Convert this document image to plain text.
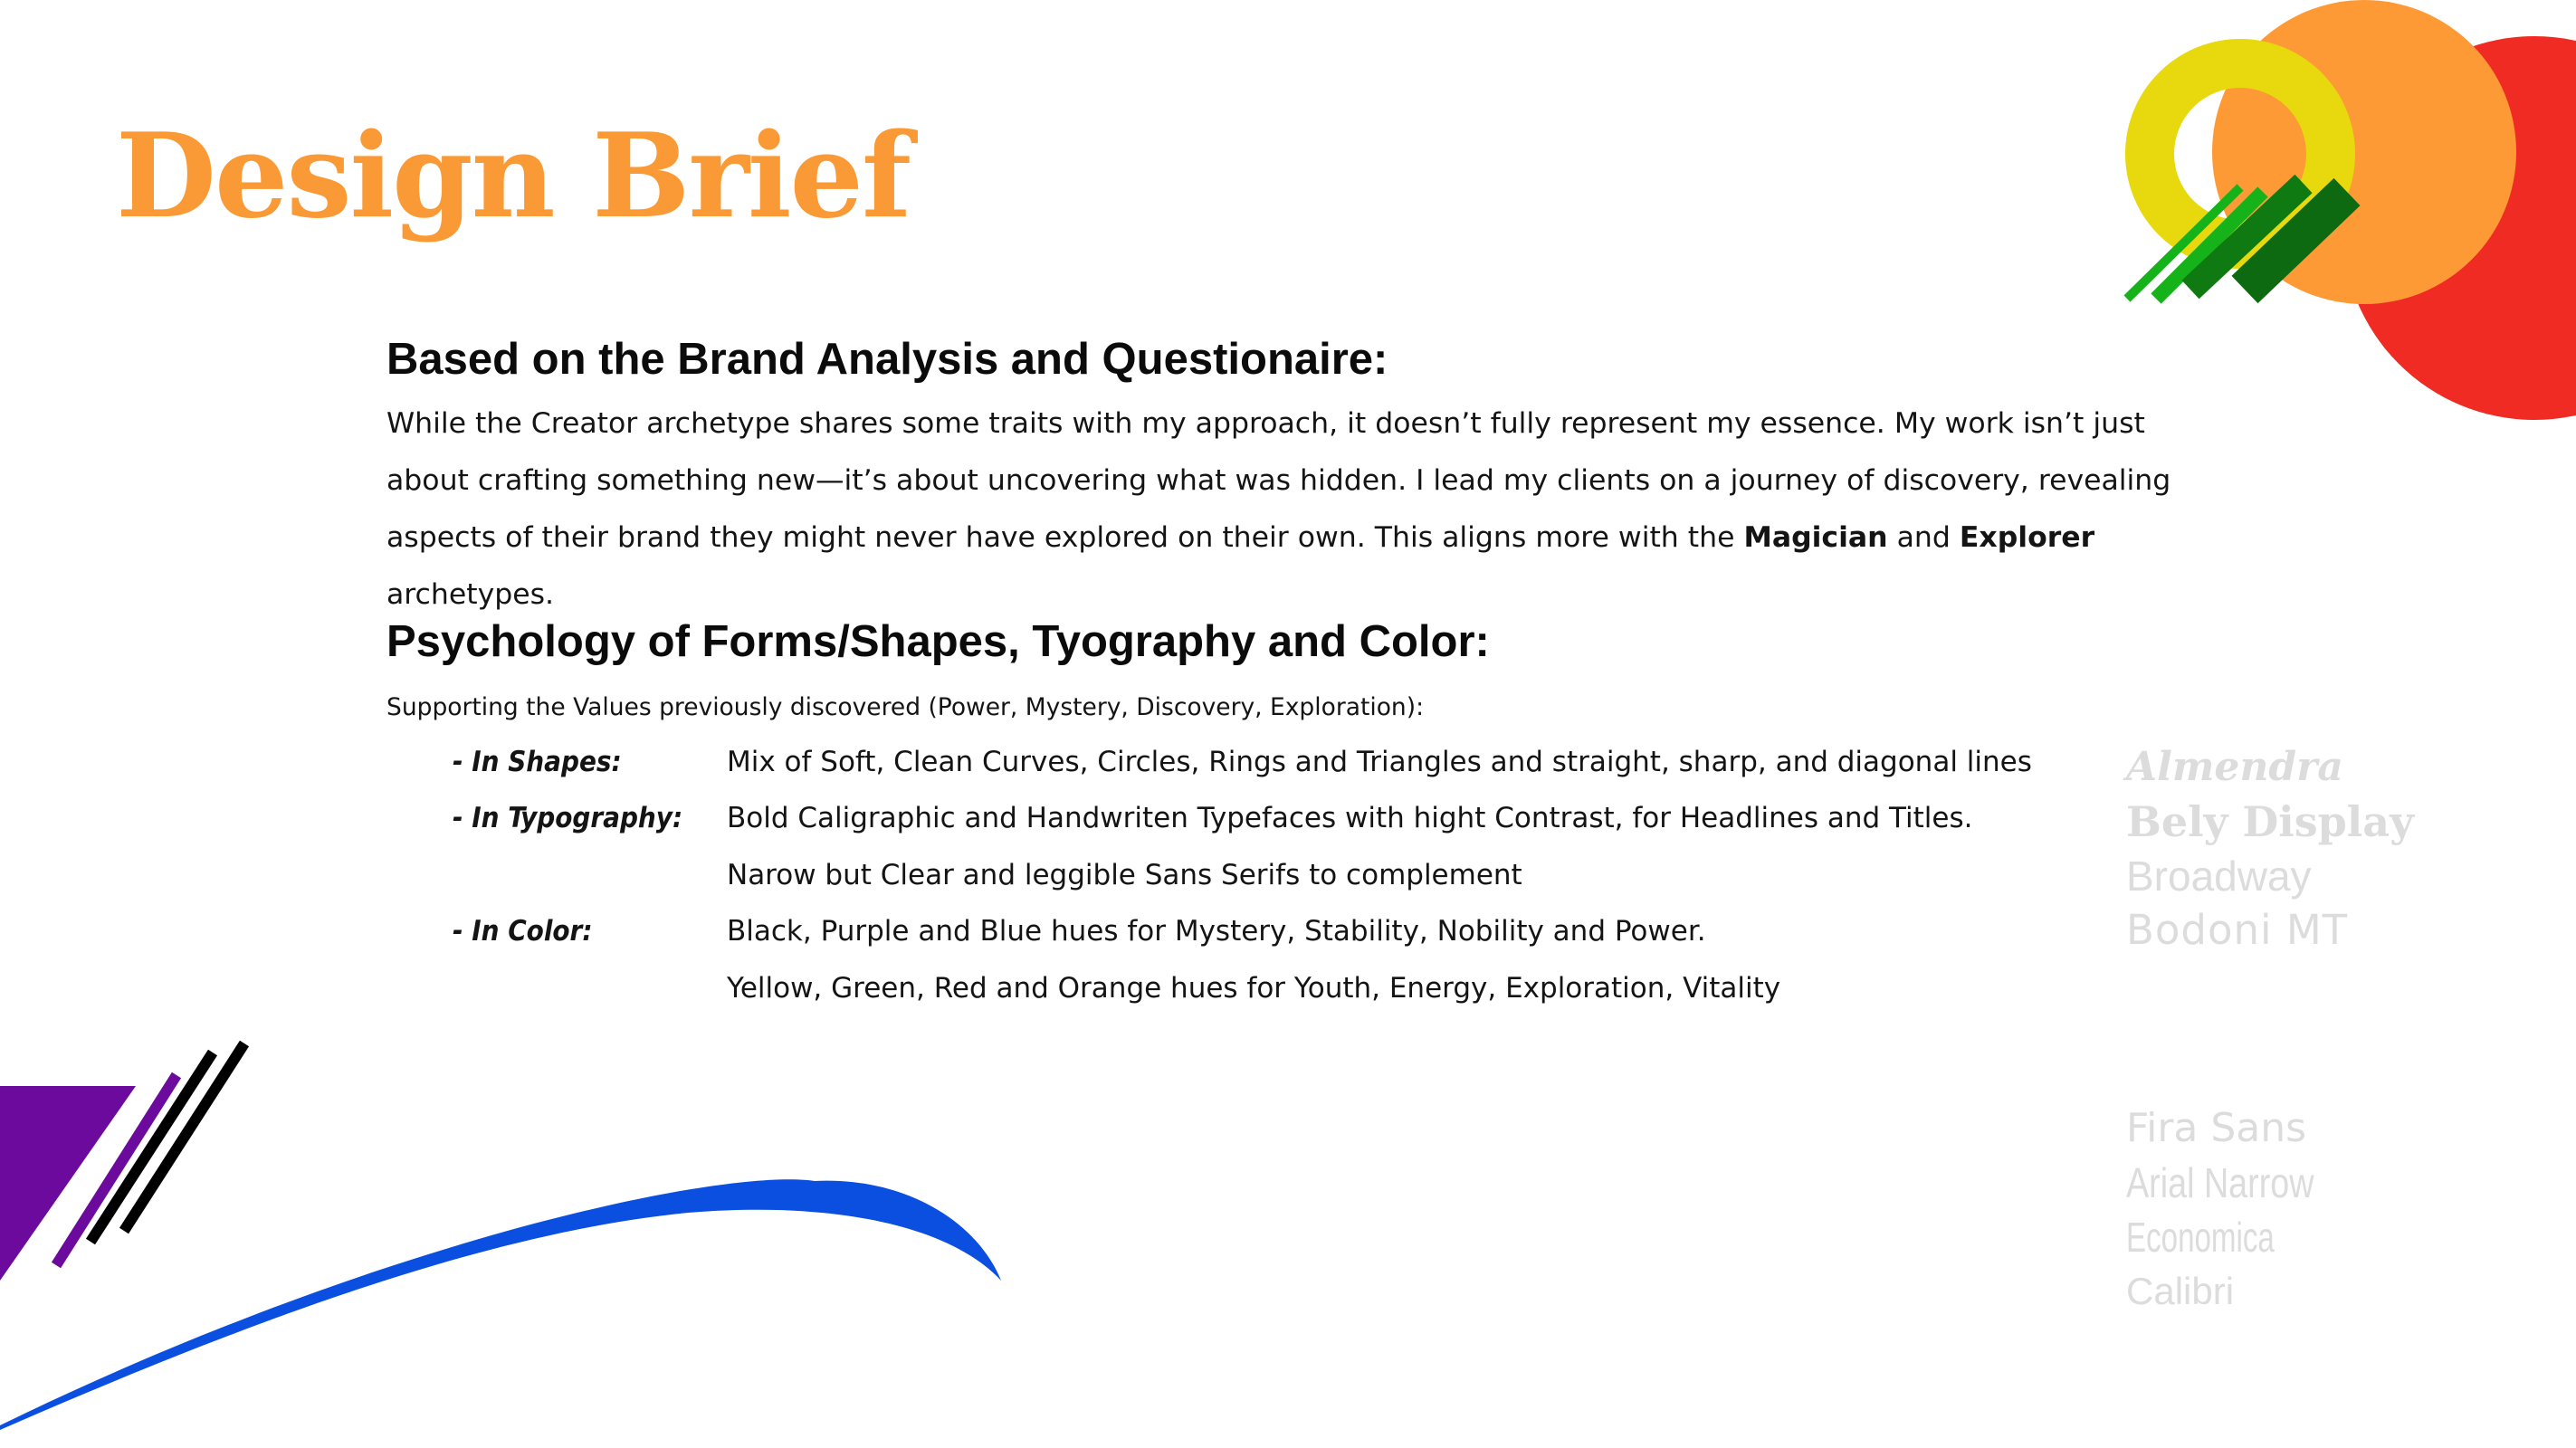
Design Brief
Based on the Brand Analysis and Questionaire:

While the Creator archetype shares some traits with my approach, it doesn’t fully represent my essence. My work isn’t just about crafting something new—it’s about uncovering what was hidden. I lead my clients on a journey of discovery, revealing aspects of their brand they might never have explored on their own. This aligns more with the Magician and Explorer archetypes.

Psychology of Forms/Shapes, Tyography and Color:

Supporting the Values previously discovered (Power, Mystery, Discovery, Exploration):

- In Shapes:	Mix of Soft, Clean Curves, Circles, Rings and Triangles and straight, sharp, and diagonal lines
- In Typography: Bold Caligraphic and Handwriten Typefaces with hight Contrast, for Headlines and Titles.
Narow but Clear and leggible Sans Serifs to complement
- In Color:	Black, Purple and Blue hues for Mystery, Stability, Nobility and Power.
Yellow, Green, Red and Orange hues for Youth, Energy, Exploration, Vitality
Almendra
Bely Display
Broadway
Bodoni MT
Fira Sans
Arial Narrow
Economica
Calibri
